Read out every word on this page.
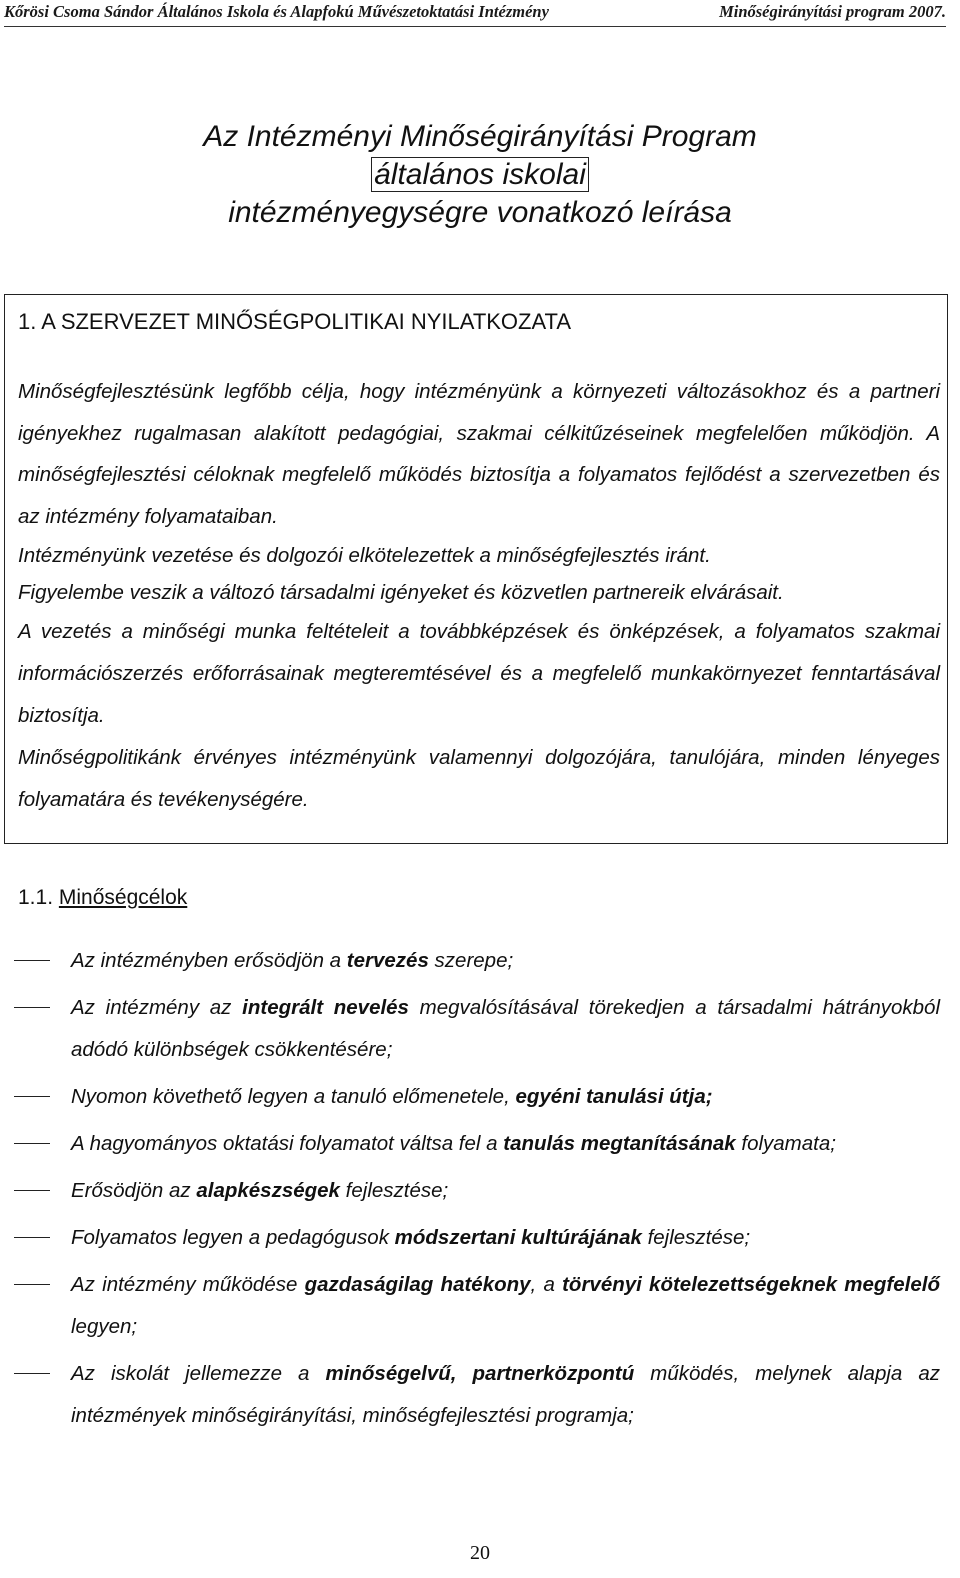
Kőrösi Csoma Sándor Általános Iskola és Alapfokú Művészetoktatási Intézmény	Minőségirányítási program 2007.
Az Intézményi Minőségirányítási Program
általános iskolai
intézményegységre vonatkozó leírása
1. A SZERVEZET MINŐSÉGPOLITIKAI NYILATKOZATA
Minőségfejlesztésünk legfőbb célja, hogy intézményünk a környezeti változásokhoz és a partneri igényekhez rugalmasan alakított pedagógiai, szakmai célkitűzéseinek megfelelően működjön. A minőségfejlesztési céloknak megfelelő működés biztosítja a folyamatos fejlődést a szervezetben és az intézmény folyamataiban.
Intézményünk vezetése és dolgozói elkötelezettek a minőségfejlesztés iránt.
Figyelembe veszik a változó társadalmi igényeket és közvetlen partnereik elvárásait.
A vezetés a minőségi munka feltételeit a továbbképzések és önképzések, a folyamatos szakmai információszerzés erőforrásainak megteremtésével és a megfelelő munkakörnyezet fenntartásával biztosítja.
Minőségpolitikánk érvényes intézményünk valamennyi dolgozójára, tanulójára, minden lényeges folyamatára és tevékenységére.
1.1. Minőségcélok
Az intézményben erősödjön a tervezés szerepe;
Az intézmény az integrált nevelés megvalósításával törekedjen a társadalmi hátrányokból adódó különbségek csökkentésére;
Nyomon követhető legyen a tanuló előmenetele, egyéni tanulási útja;
A hagyományos oktatási folyamatot váltsa fel a tanulás megtanításának folyamata;
Erősödjön az alapkészségek fejlesztése;
Folyamatos legyen a pedagógusok módszertani kultúrájának fejlesztése;
Az intézmény működése gazdaságilag hatékony, a törvényi kötelezettségeknek megfelelő legyen;
Az iskolát jellemezze a minőségelvű, partnerközpontú működés, melynek alapja az intézmények minőségirányítási, minőségfejlesztési programja;
20
